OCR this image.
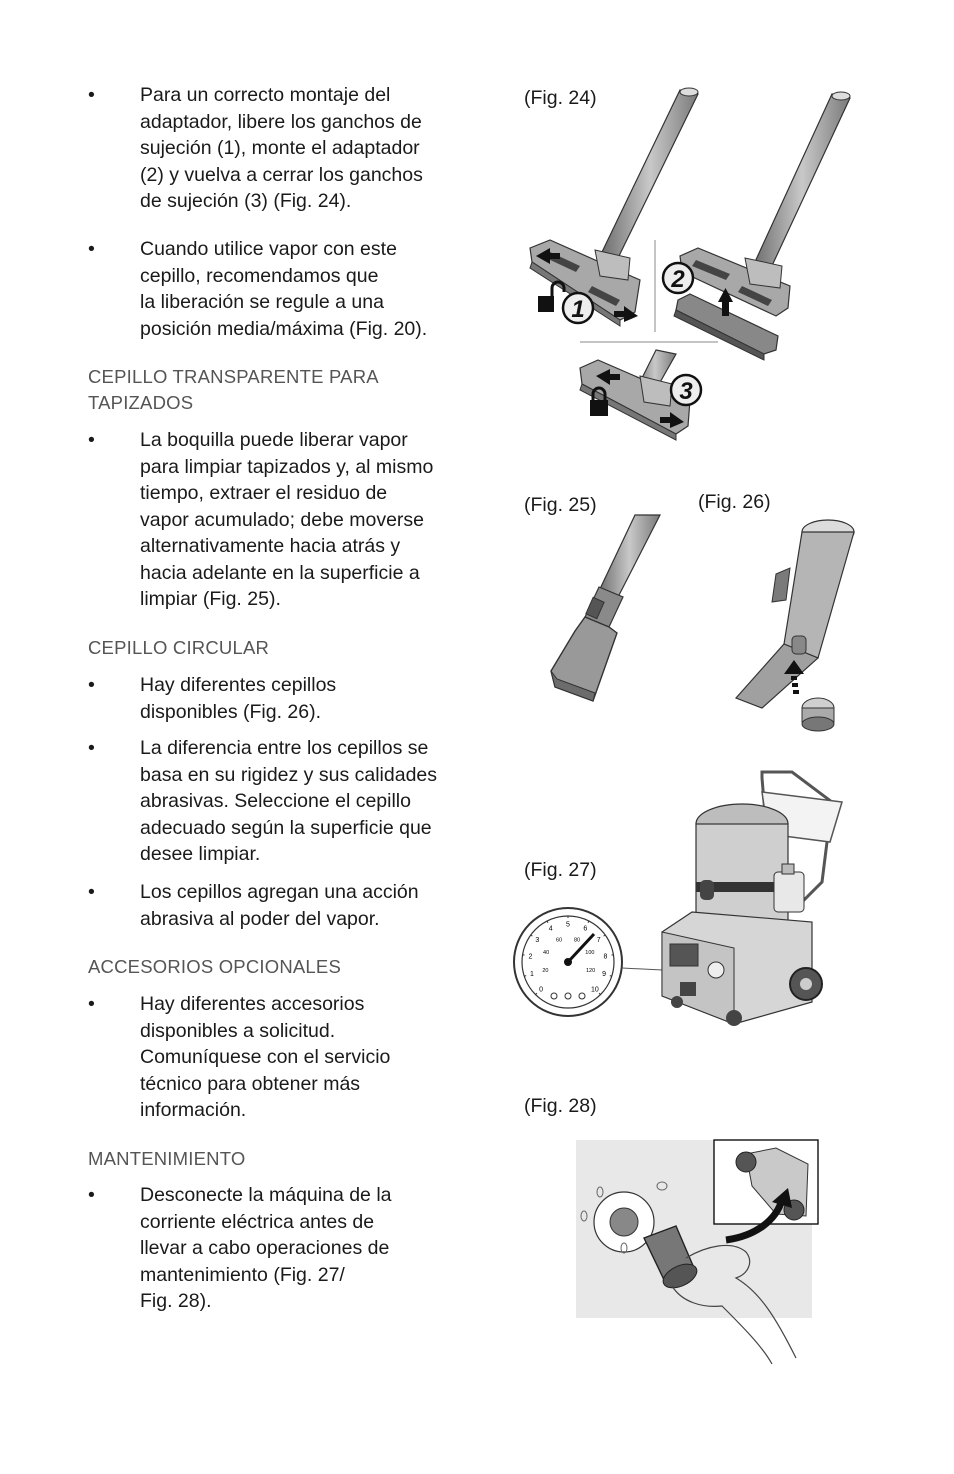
•	Para un correcto montaje del
adaptador, libere los ganchos de
sujeción (1), monte el adaptador
(2) y vuelva a cerrar los ganchos
de sujeción (3) (Fig. 24).
•	Cuando utilice vapor con este
cepillo, recomendamos que
la liberación se regule a una
posición media/máxima (Fig. 20).
CEPILLO TRANSPARENTE PARA
TAPIZADOS
•	La boquilla puede liberar vapor
para limpiar tapizados y, al mismo
tiempo, extraer el residuo de
vapor acumulado; debe moverse
alternativamente hacia atrás y
hacia adelante en la superficie a
limpiar (Fig. 25).
CEPILLO CIRCULAR
•	Hay diferentes cepillos
disponibles (Fig. 26).
•	La diferencia entre los cepillos se
basa en su rigidez y sus calidades
abrasivas. Seleccione el cepillo
adecuado según la superficie que
desee limpiar.
•	Los cepillos agregan una acción
abrasiva al poder del vapor.
ACCESORIOS OPCIONALES
•	Hay diferentes accesorios
disponibles a solicitud.
Comuníquese con el servicio
técnico para obtener más
información.
MANTENIMIENTO
•	Desconecte la máquina de la
corriente eléctrica antes de
llevar a cabo operaciones de
mantenimiento (Fig. 27/
Fig. 28).
(Fig. 24)
(Fig. 25)	(Fig. 26)
(Fig. 27)
(Fig. 28)
1
2
3
0
1
2
3
4
5
6
7
8
9
10
20
40
60 80
100
120
